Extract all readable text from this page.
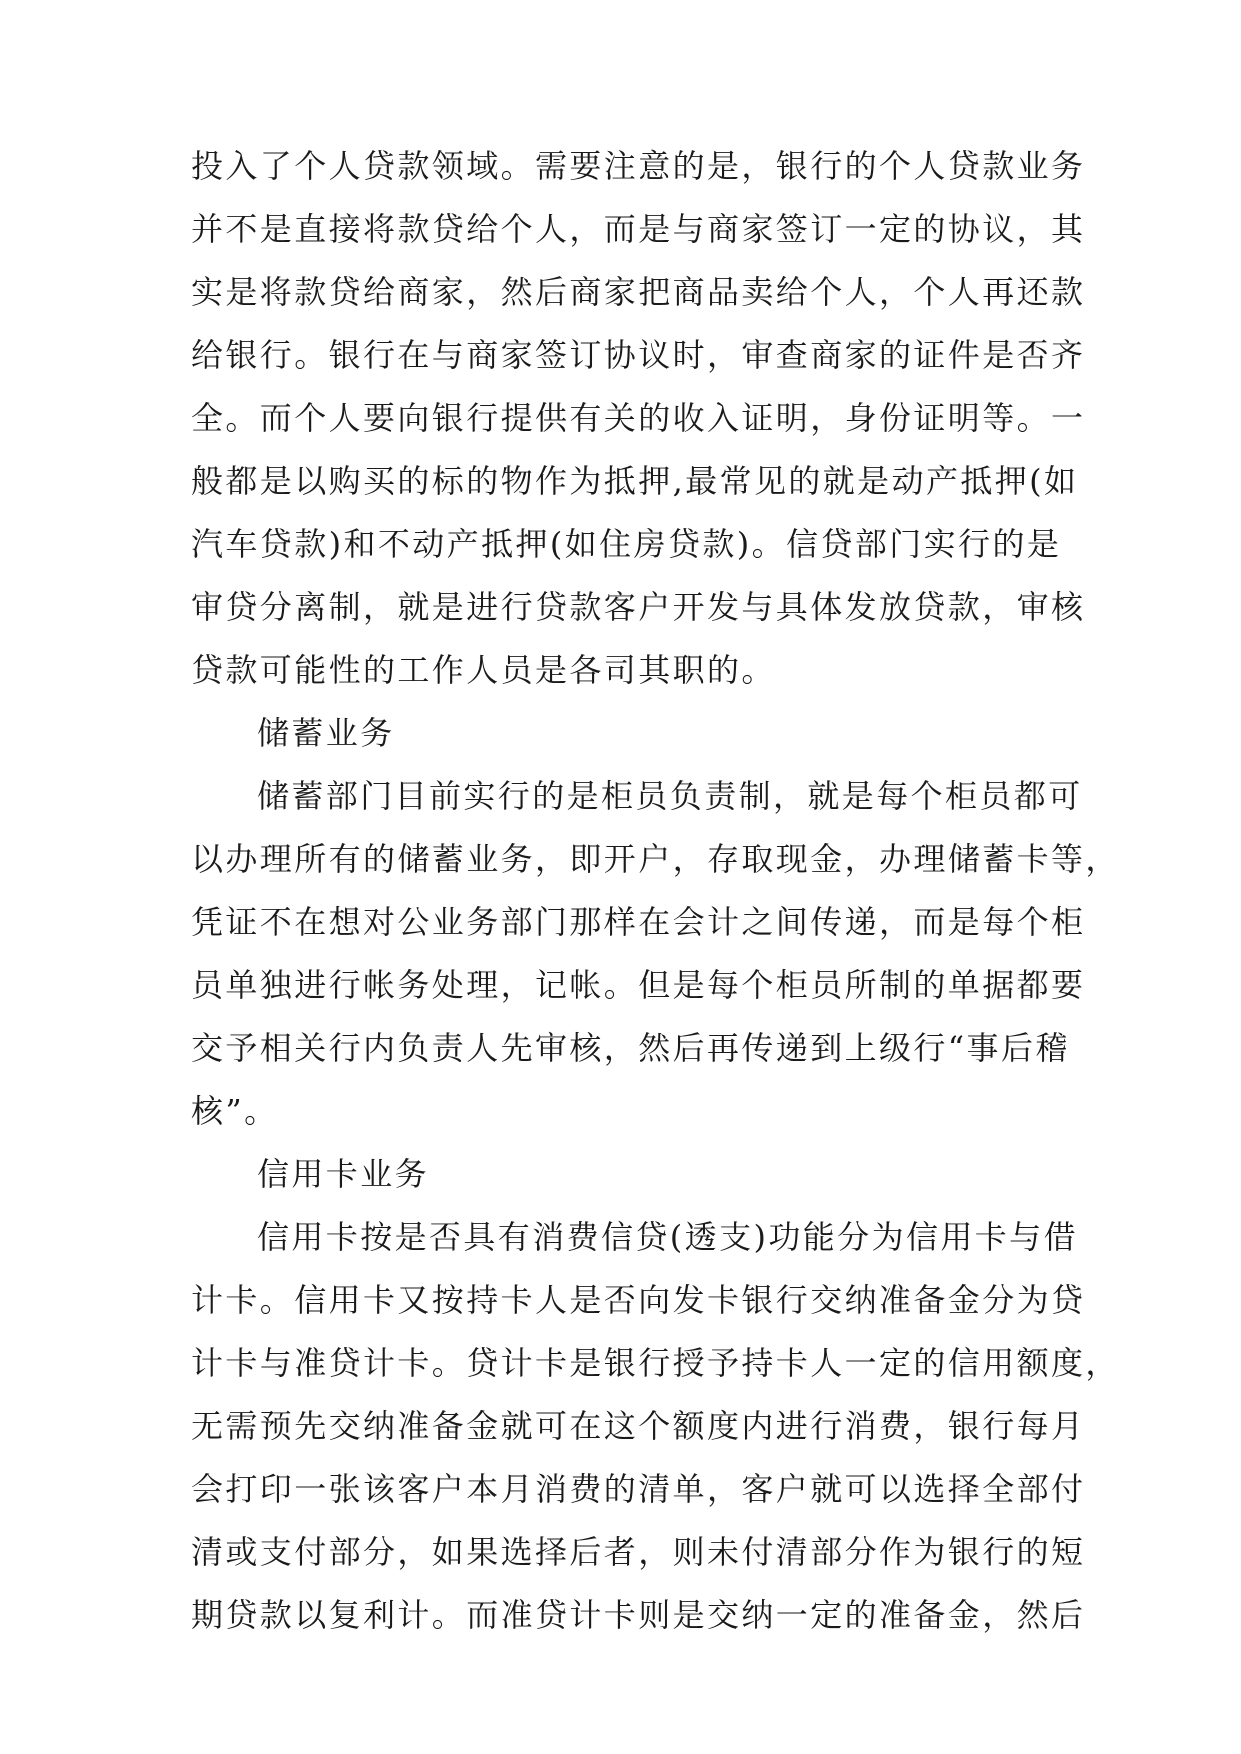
投入了个人贷款领域。需要注意的是，银行的个人贷款业务
并不是直接将款贷给个人，而是与商家签订一定的协议，其
实是将款贷给商家，然后商家把商品卖给个人，个人再还款
给银行。银行在与商家签订协议时，审查商家的证件是否齐
全。而个人要向银行提供有关的收入证明，身份证明等。一
般都是以购买的标的物作为抵押,最常见的就是动产抵押(如
汽车贷款)和不动产抵押(如住房贷款)。信贷部门实行的是
审贷分离制，就是进行贷款客户开发与具体发放贷款，审核
贷款可能性的工作人员是各司其职的。
储蓄业务
储蓄部门目前实行的是柜员负责制，就是每个柜员都可
以办理所有的储蓄业务，即开户，存取现金，办理储蓄卡等，
凭证不在想对公业务部门那样在会计之间传递，而是每个柜
员单独进行帐务处理，记帐。但是每个柜员所制的单据都要
交予相关行内负责人先审核，然后再传递到上级行“事后稽
核”。
信用卡业务
信用卡按是否具有消费信贷(透支)功能分为信用卡与借
计卡。信用卡又按持卡人是否向发卡银行交纳准备金分为贷
计卡与准贷计卡。贷计卡是银行授予持卡人一定的信用额度，
无需预先交纳准备金就可在这个额度内进行消费，银行每月
会打印一张该客户本月消费的清单，客户就可以选择全部付
清或支付部分，如果选择后者，则未付清部分作为银行的短
期贷款以复利计。而准贷计卡则是交纳一定的准备金，然后
